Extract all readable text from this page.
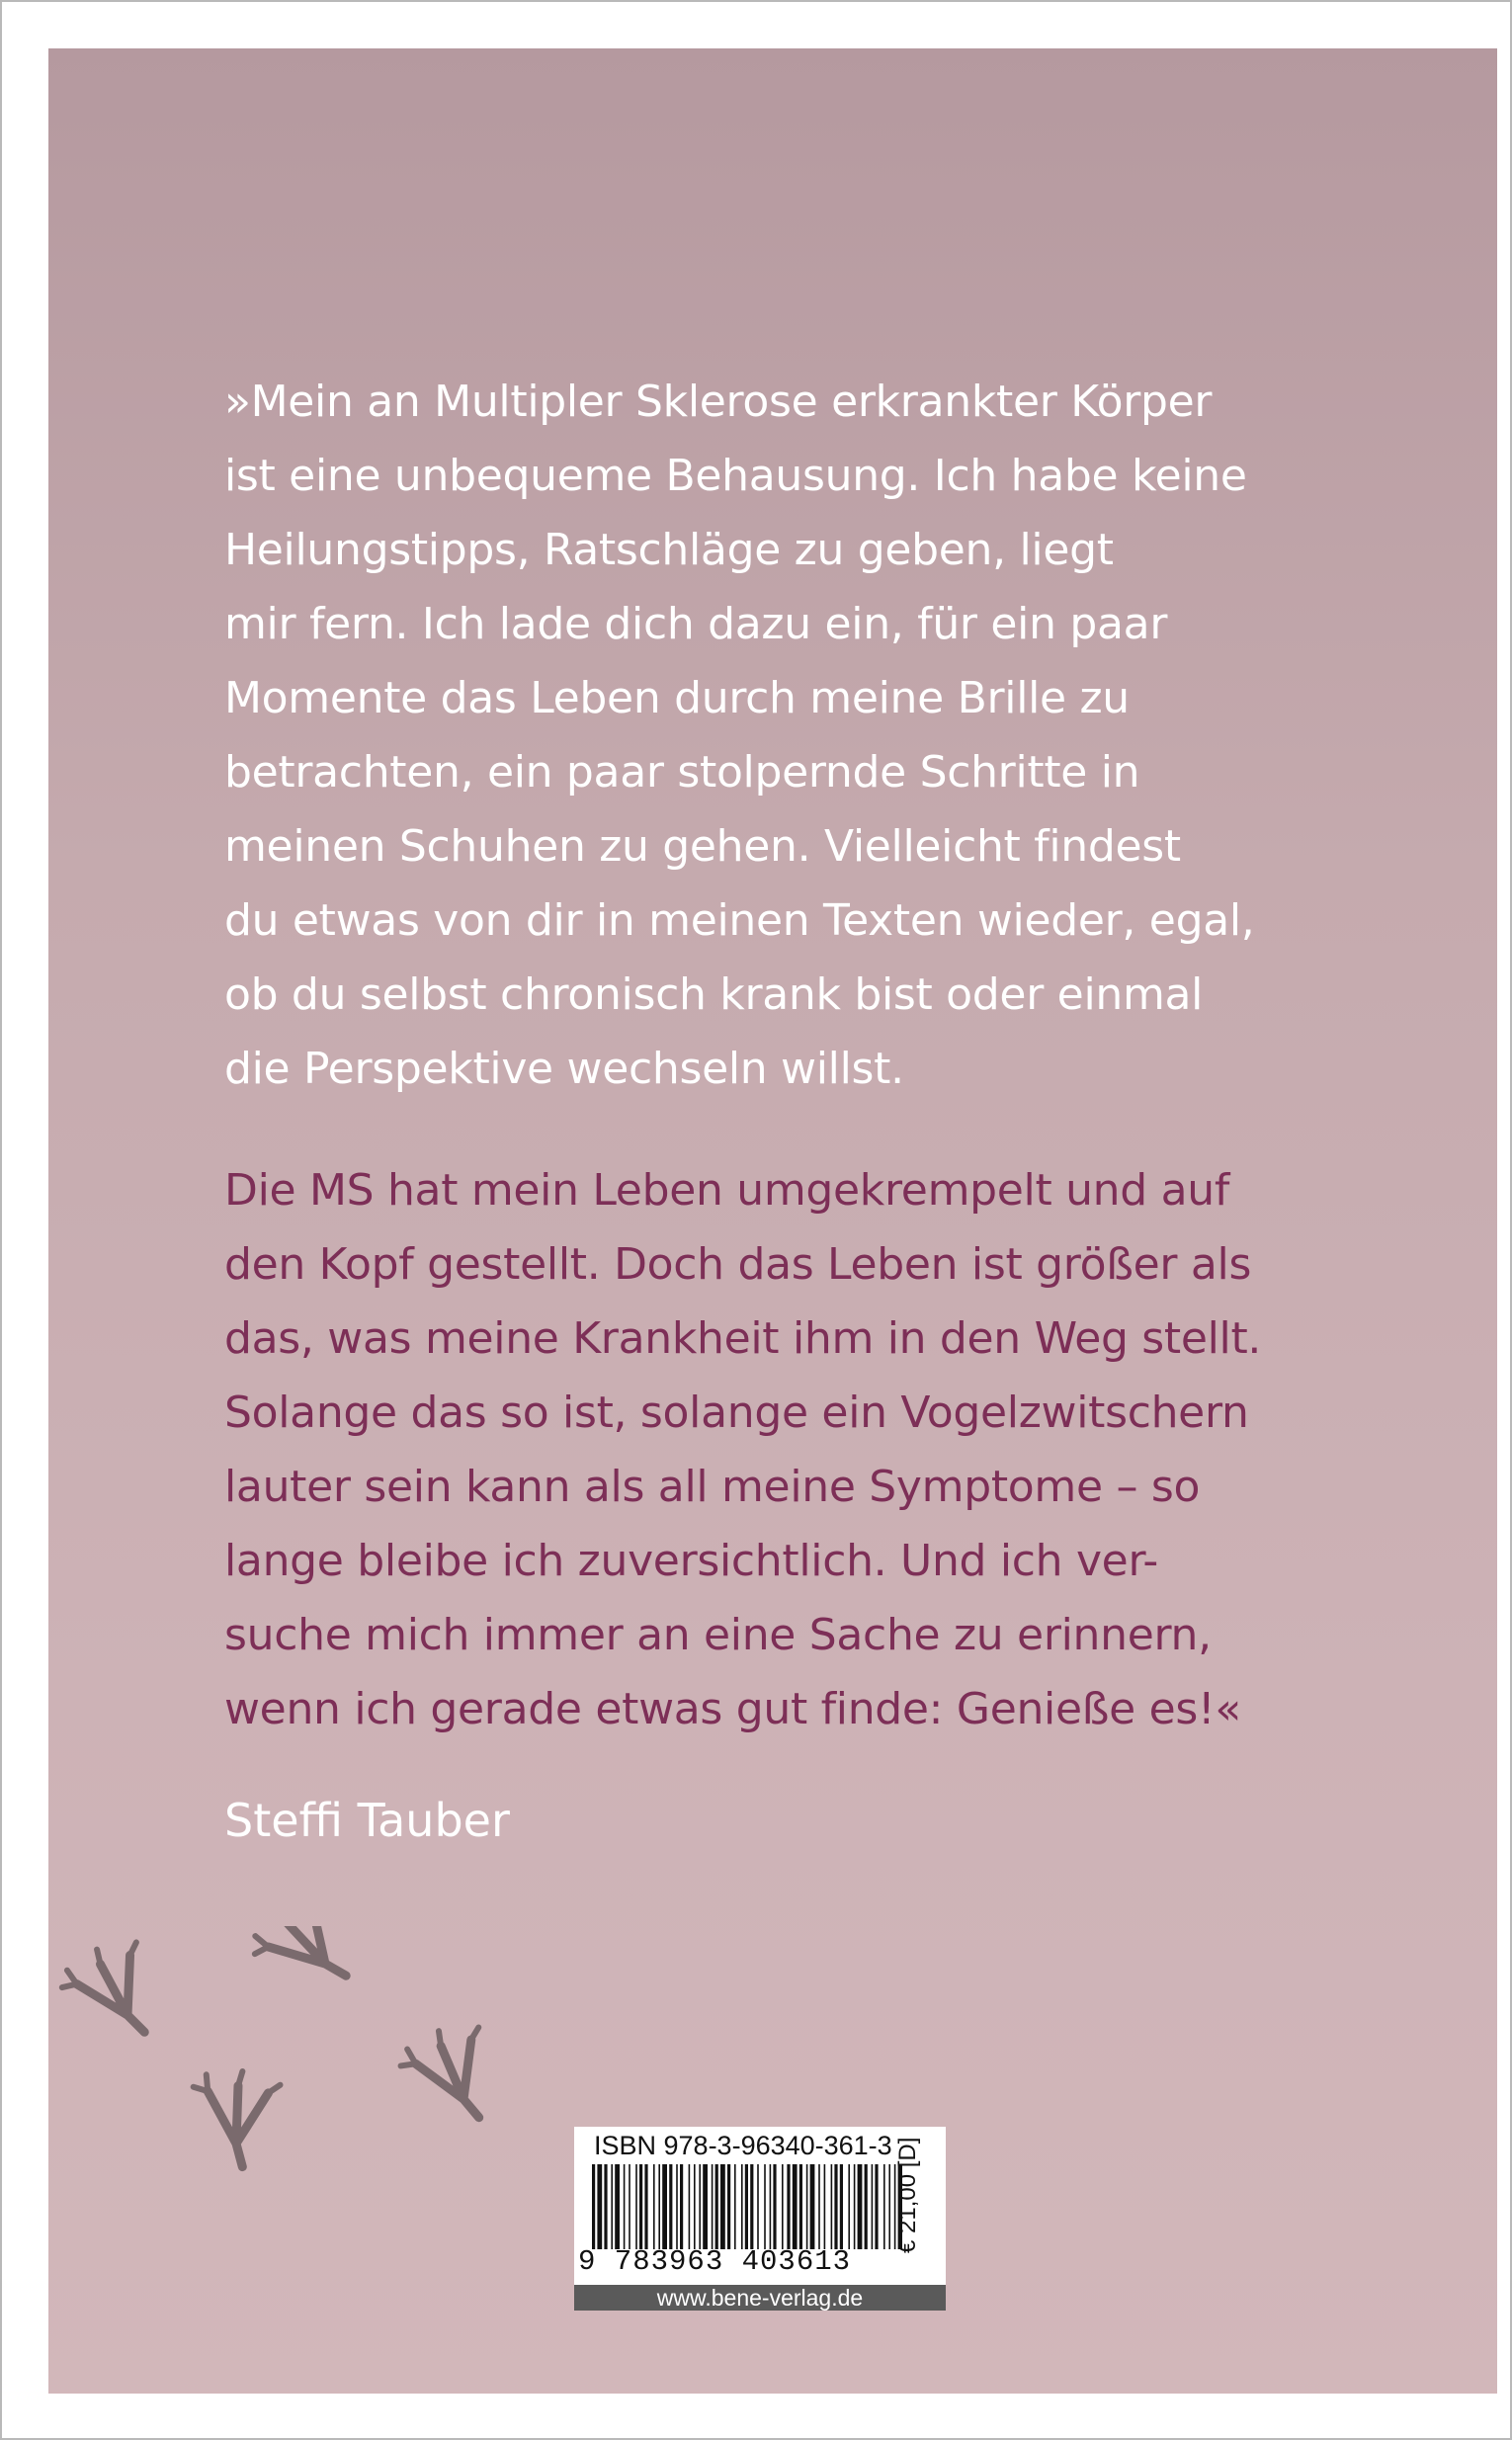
»Mein an Multipler Sklerose erkrankter Körper
ist eine unbequeme Behausung. Ich habe keine
Heilungstipps, Ratschläge zu geben, liegt
mir fern. Ich lade dich dazu ein, für ein paar
Momente das Leben durch meine Brille zu
betrachten, ein paar stolpernde Schritte in
meinen Schuhen zu gehen. Vielleicht findest
du etwas von dir in meinen Texten wieder, egal,
ob du selbst chronisch krank bist oder einmal
die Perspektive wechseln willst.

Die MS hat mein Leben umgekrempelt und auf
den Kopf gestellt. Doch das Leben ist größer als
das, was meine Krankheit ihm in den Weg stellt.
Solange das so ist, solange ein Vogelzwitschern
lauter sein kann als all meine Symptome – so
lange bleibe ich zuversichtlich. Und ich ver-
suche mich immer an eine Sache zu erinnern,
wenn ich gerade etwas gut finde: Genieße es!«

Steffi Tauber

ISBN 978-3-96340-361-3 € 21,00 [D]
9 783963 403613
www.bene-verlag.de
